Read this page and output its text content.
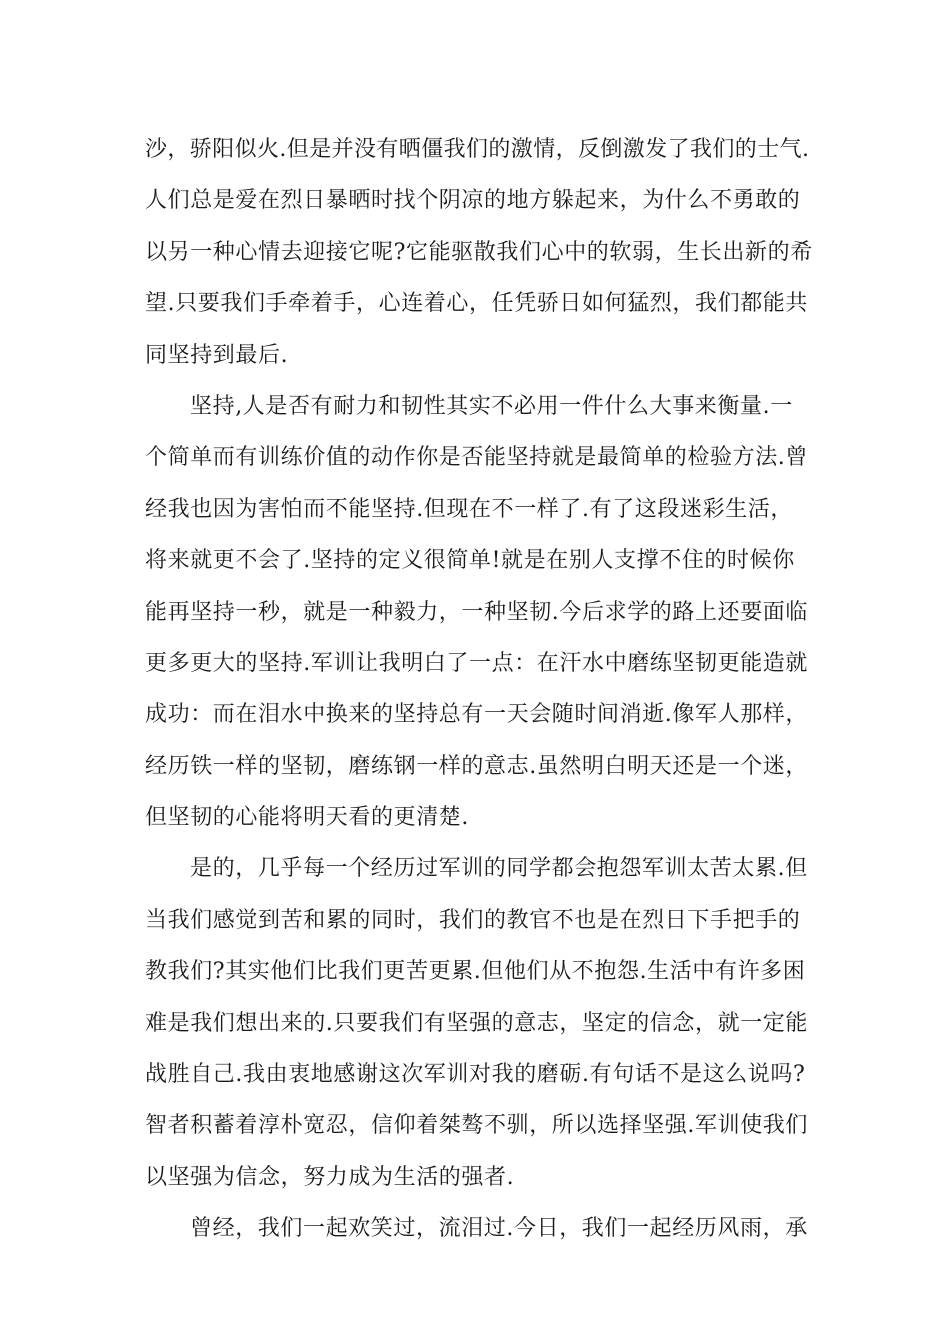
沙，骄阳似火.但是并没有晒僵我们的激情，反倒激发了我们的士气.
人们总是爱在烈日暴晒时找个阴凉的地方躲起来，为什么不勇敢的
以另一种心情去迎接它呢?它能驱散我们心中的软弱，生长出新的希
望.只要我们手牵着手，心连着心，任凭骄日如何猛烈，我们都能共
同坚持到最后.
坚持,人是否有耐力和韧性其实不必用一件什么大事来衡量.一
个简单而有训练价值的动作你是否能坚持就是最简单的检验方法.曾
经我也因为害怕而不能坚持.但现在不一样了.有了这段迷彩生活，
将来就更不会了.坚持的定义很简单!就是在别人支撑不住的时候你
能再坚持一秒，就是一种毅力，一种坚韧.今后求学的路上还要面临
更多更大的坚持.军训让我明白了一点：在汗水中磨练坚韧更能造就
成功：而在泪水中换来的坚持总有一天会随时间消逝.像军人那样，
经历铁一样的坚韧，磨练钢一样的意志.虽然明白明天还是一个迷，
但坚韧的心能将明天看的更清楚.
是的，几乎每一个经历过军训的同学都会抱怨军训太苦太累.但
当我们感觉到苦和累的同时，我们的教官不也是在烈日下手把手的
教我们?其实他们比我们更苦更累.但他们从不抱怨.生活中有许多困
难是我们想出来的.只要我们有坚强的意志，坚定的信念，就一定能
战胜自己.我由衷地感谢这次军训对我的磨砺.有句话不是这么说吗?
智者积蓄着淳朴宽忍，信仰着桀骜不驯，所以选择坚强.军训使我们
以坚强为信念，努力成为生活的强者.
曾经，我们一起欢笑过，流泪过.今日，我们一起经历风雨，承
